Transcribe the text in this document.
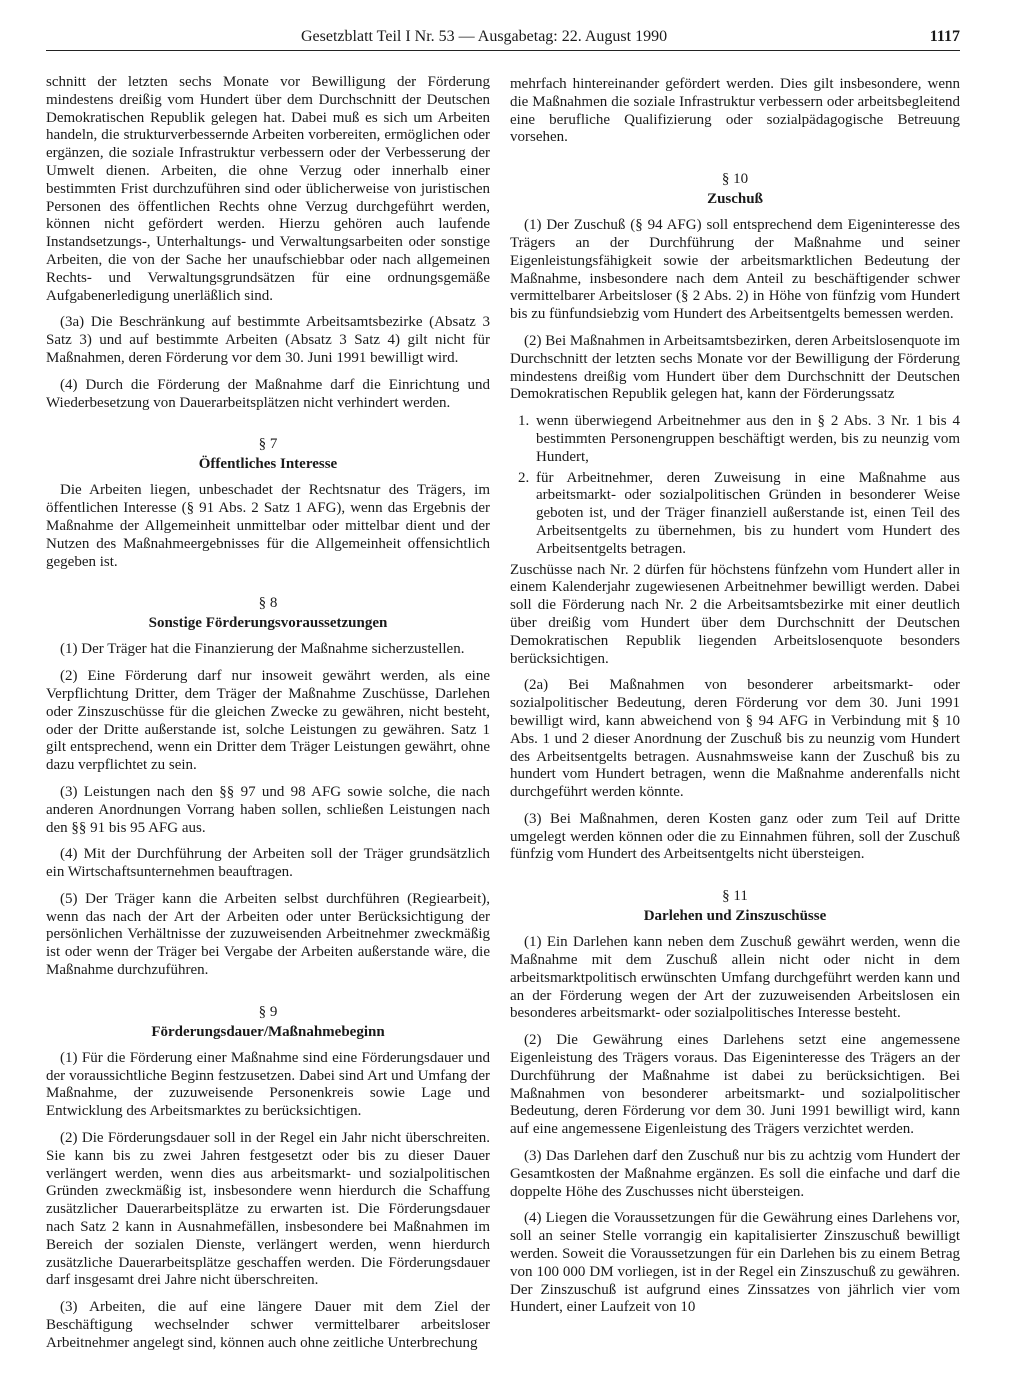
Gesetzblatt Teil I Nr. 53 — Ausgabetag: 22. August 1990	1117

schnitt der letzten sechs Monate vor Bewilligung der Förderung mindestens dreißig vom Hundert über dem Durchschnitt der Deutschen Demokratischen Republik gelegen hat. Dabei muß es sich um Arbeiten handeln, die strukturverbessernde Arbeiten vorbereiten, ermöglichen oder ergänzen, die soziale Infrastruktur verbessern oder der Verbesserung der Umwelt dienen. Arbeiten, die ohne Verzug oder innerhalb einer bestimmten Frist durchzuführen sind oder üblicherweise von juristischen Personen des öffentlichen Rechts ohne Verzug durchgeführt werden, können nicht gefördert werden. Hierzu gehören auch laufende Instandsetzungs-, Unterhaltungs- und Verwaltungsarbeiten oder sonstige Arbeiten, die von der Sache her unaufschiebbar oder nach allgemeinen Rechts- und Verwaltungsgrundsätzen für eine ordnungsgemäße Aufgabenerledigung unerläßlich sind.

(3a) Die Beschränkung auf bestimmte Arbeitsamtsbezirke (Absatz 3 Satz 3) und auf bestimmte Arbeiten (Absatz 3 Satz 4) gilt nicht für Maßnahmen, deren Förderung vor dem 30. Juni 1991 bewilligt wird.

(4) Durch die Förderung der Maßnahme darf die Einrichtung und Wiederbesetzung von Dauerarbeitsplätzen nicht verhindert werden.

§ 7
Öffentliches Interesse

Die Arbeiten liegen, unbeschadet der Rechtsnatur des Trägers, im öffentlichen Interesse (§ 91 Abs. 2 Satz 1 AFG), wenn das Ergebnis der Maßnahme der Allgemeinheit unmittelbar oder mittelbar dient und der Nutzen des Maßnahmeergebnisses für die Allgemeinheit offensichtlich gegeben ist.

§ 8
Sonstige Förderungsvoraussetzungen

(1) Der Träger hat die Finanzierung der Maßnahme sicherzustellen.

(2) Eine Förderung darf nur insoweit gewährt werden, als eine Verpflichtung Dritter, dem Träger der Maßnahme Zuschüsse, Darlehen oder Zinszuschüsse für die gleichen Zwecke zu gewähren, nicht besteht, oder der Dritte außerstande ist, solche Leistungen zu gewähren. Satz 1 gilt entsprechend, wenn ein Dritter dem Träger Leistungen gewährt, ohne dazu verpflichtet zu sein.

(3) Leistungen nach den §§ 97 und 98 AFG sowie solche, die nach anderen Anordnungen Vorrang haben sollen, schließen Leistungen nach den §§ 91 bis 95 AFG aus.

(4) Mit der Durchführung der Arbeiten soll der Träger grundsätzlich ein Wirtschaftsunternehmen beauftragen.

(5) Der Träger kann die Arbeiten selbst durchführen (Regiearbeit), wenn das nach der Art der Arbeiten oder unter Berücksichtigung der persönlichen Verhältnisse der zuzuweisenden Arbeitnehmer zweckmäßig ist oder wenn der Träger bei Vergabe der Arbeiten außerstande wäre, die Maßnahme durchzuführen.

§ 9
Förderungsdauer/Maßnahmebeginn

(1) Für die Förderung einer Maßnahme sind eine Förderungsdauer und der voraussichtliche Beginn festzusetzen. Dabei sind Art und Umfang der Maßnahme, der zuzuweisende Personenkreis sowie Lage und Entwicklung des Arbeitsmarktes zu berücksichtigen.

(2) Die Förderungsdauer soll in der Regel ein Jahr nicht überschreiten. Sie kann bis zu zwei Jahren festgesetzt oder bis zu dieser Dauer verlängert werden, wenn dies aus arbeitsmarkt- und sozialpolitischen Gründen zweckmäßig ist, insbesondere wenn hierdurch die Schaffung zusätzlicher Dauerarbeitsplätze zu erwarten ist. Die Förderungsdauer nach Satz 2 kann in Ausnahmefällen, insbesondere bei Maßnahmen im Bereich der sozialen Dienste, verlängert werden, wenn hierdurch zusätzliche Dauerarbeitsplätze geschaffen werden. Die Förderungsdauer darf insgesamt drei Jahre nicht überschreiten.

(3) Arbeiten, die auf eine längere Dauer mit dem Ziel der Beschäftigung wechselnder schwer vermittelbarer arbeitsloser Arbeitnehmer angelegt sind, können auch ohne zeitliche Unterbrechung

mehrfach hintereinander gefördert werden. Dies gilt insbesondere, wenn die Maßnahmen die soziale Infrastruktur verbessern oder arbeitsbegleitend eine berufliche Qualifizierung oder sozialpädagogische Betreuung vorsehen.

§ 10
Zuschuß

(1) Der Zuschuß (§ 94 AFG) soll entsprechend dem Eigeninteresse des Trägers an der Durchführung der Maßnahme und seiner Eigenleistungsfähigkeit sowie der arbeitsmarktlichen Bedeutung der Maßnahme, insbesondere nach dem Anteil zu beschäftigender schwer vermittelbarer Arbeitsloser (§ 2 Abs. 2) in Höhe von fünfzig vom Hundert bis zu fünfundsiebzig vom Hundert des Arbeitsentgelts bemessen werden.

(2) Bei Maßnahmen in Arbeitsamtsbezirken, deren Arbeitslosenquote im Durchschnitt der letzten sechs Monate vor der Bewilligung der Förderung mindestens dreißig vom Hundert über dem Durchschnitt der Deutschen Demokratischen Republik gelegen hat, kann der Förderungssatz

1. wenn überwiegend Arbeitnehmer aus den in § 2 Abs. 3 Nr. 1 bis 4 bestimmten Personengruppen beschäftigt werden, bis zu neunzig vom Hundert,
2. für Arbeitnehmer, deren Zuweisung in eine Maßnahme aus arbeitsmarkt- oder sozialpolitischen Gründen in besonderer Weise geboten ist, und der Träger finanziell außerstande ist, einen Teil des Arbeitsentgelts zu übernehmen, bis zu hundert vom Hundert des Arbeitsentgelts betragen.

Zuschüsse nach Nr. 2 dürfen für höchstens fünfzehn vom Hundert aller in einem Kalenderjahr zugewiesenen Arbeitnehmer bewilligt werden. Dabei soll die Förderung nach Nr. 2 die Arbeitsamtsbezirke mit einer deutlich über dreißig vom Hundert über dem Durchschnitt der Deutschen Demokratischen Republik liegenden Arbeitslosenquote besonders berücksichtigen.

(2a) Bei Maßnahmen von besonderer arbeitsmarkt- oder sozialpolitischer Bedeutung, deren Förderung vor dem 30. Juni 1991 bewilligt wird, kann abweichend von § 94 AFG in Verbindung mit § 10 Abs. 1 und 2 dieser Anordnung der Zuschuß bis zu neunzig vom Hundert des Arbeitsentgelts betragen. Ausnahmsweise kann der Zuschuß bis zu hundert vom Hundert betragen, wenn die Maßnahme anderenfalls nicht durchgeführt werden könnte.

(3) Bei Maßnahmen, deren Kosten ganz oder zum Teil auf Dritte umgelegt werden können oder die zu Einnahmen führen, soll der Zuschuß fünfzig vom Hundert des Arbeitsentgelts nicht übersteigen.

§ 11
Darlehen und Zinszuschüsse

(1) Ein Darlehen kann neben dem Zuschuß gewährt werden, wenn die Maßnahme mit dem Zuschuß allein nicht oder nicht in dem arbeitsmarktpolitisch erwünschten Umfang durchgeführt werden kann und an der Förderung wegen der Art der zuzuweisenden Arbeitslosen ein besonderes arbeitsmarkt- oder sozialpolitisches Interesse besteht.

(2) Die Gewährung eines Darlehens setzt eine angemessene Eigenleistung des Trägers voraus. Das Eigeninteresse des Trägers an der Durchführung der Maßnahme ist dabei zu berücksichtigen. Bei Maßnahmen von besonderer arbeitsmarkt- und sozialpolitischer Bedeutung, deren Förderung vor dem 30. Juni 1991 bewilligt wird, kann auf eine angemessene Eigenleistung des Trägers verzichtet werden.

(3) Das Darlehen darf den Zuschuß nur bis zu achtzig vom Hundert der Gesamtkosten der Maßnahme ergänzen. Es soll die einfache und darf die doppelte Höhe des Zuschusses nicht übersteigen.

(4) Liegen die Voraussetzungen für die Gewährung eines Darlehens vor, soll an seiner Stelle vorrangig ein kapitalisierter Zinszuschuß bewilligt werden. Soweit die Voraussetzungen für ein Darlehen bis zu einem Betrag von 100 000 DM vorliegen, ist in der Regel ein Zinszuschuß zu gewähren. Der Zinszuschuß ist aufgrund eines Zinssatzes von jährlich vier vom Hundert, einer Laufzeit von 10
